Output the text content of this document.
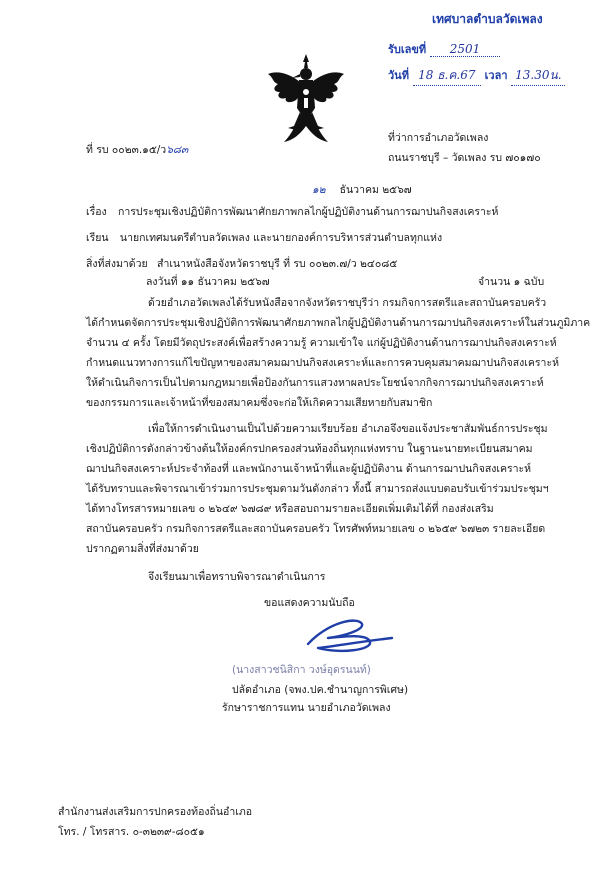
เทศบาลตำบลวัดเพลง
รับเลขที่ 2501
วันที่ 18 ธ.ค.67 เวลา 13.30น.
ที่ รบ ๐๐๒๓.๑๕/ว๖๘๓
ที่ว่าการอำเภอวัดเพลง
ถนนราชบุรี – วัดเพลง รบ ๗๐๑๗๐
๑๒ ธันวาคม ๒๕๖๗
เรื่อง การประชุมเชิงปฏิบัติการพัฒนาศักยภาพกลไกผู้ปฏิบัติงานด้านการฌาปนกิจสงเคราะห์
เรียน นายกเทศมนตรีตำบลวัดเพลง และนายกองค์การบริหารส่วนตำบลทุกแห่ง
สิ่งที่ส่งมาด้วย สำเนาหนังสือจังหวัดราชบุรี ที่ รบ ๐๐๒๓.๗/ว ๒๔๐๘๕
ลงวันที่ ๑๑ ธันวาคม ๒๕๖๗	จำนวน ๑ ฉบับ
ด้วยอำเภอวัดเพลงได้รับหนังสือจากจังหวัดราชบุรีว่า กรมกิจการสตรีและสถาบันครอบครัว
ได้กำหนดจัดการประชุมเชิงปฏิบัติการพัฒนาศักยภาพกลไกผู้ปฏิบัติงานด้านการฌาปนกิจสงเคราะห์ในส่วนภูมิภาค
จำนวน ๔ ครั้ง โดยมีวัตถุประสงค์เพื่อสร้างความรู้ ความเข้าใจ แก่ผู้ปฏิบัติงานด้านการฌาปนกิจสงเคราะห์
กำหนดแนวทางการแก้ไขปัญหาของสมาคมฌาปนกิจสงเคราะห์และการควบคุมสมาคมฌาปนกิจสงเคราะห์
ให้ดำเนินกิจการเป็นไปตามกฎหมายเพื่อป้องกันการแสวงหาผลประโยชน์จากกิจการฌาปนกิจสงเคราะห์
ของกรรมการและเจ้าหน้าที่ของสมาคมซึ่งจะก่อให้เกิดความเสียหายกับสมาชิก
เพื่อให้การดำเนินงานเป็นไปด้วยความเรียบร้อย อำเภอจึงขอแจ้งประชาสัมพันธ์การประชุม
เชิงปฏิบัติการดังกล่าวข้างต้นให้องค์กรปกครองส่วนท้องถิ่นทุกแห่งทราบ ในฐานะนายทะเบียนสมาคม
ฌาปนกิจสงเคราะห์ประจำท้องที่ และพนักงานเจ้าหน้าที่และผู้ปฏิบัติงาน ด้านการฌาปนกิจสงเคราะห์
ได้รับทราบและพิจารณาเข้าร่วมการประชุมตามวันดังกล่าว ทั้งนี้ สามารถส่งแบบตอบรับเข้าร่วมประชุมฯ
ได้ทางโทรสารหมายเลข ๐ ๒๖๔๙ ๖๗๘๙ หรือสอบถามรายละเอียดเพิ่มเติมได้ที่ กองส่งเสริม
สถาบันครอบครัว กรมกิจการสตรีและสถาบันครอบครัว โทรศัพท์หมายเลข ๐ ๒๖๕๙ ๖๗๒๓ รายละเอียด
ปรากฏตามสิ่งที่ส่งมาด้วย
จึงเรียนมาเพื่อทราบพิจารณาดำเนินการ
ขอแสดงความนับถือ
(นางสาวชนิสิกา วงษ์อุดรนนท์)
ปลัดอำเภอ (จพง.ปค.ชำนาญการพิเศษ)
รักษาราชการแทน นายอำเภอวัดเพลง
สำนักงานส่งเสริมการปกครองท้องถิ่นอำเภอ
โทร. / โทรสาร. ๐-๓๒๓๙-๘๐๕๑
